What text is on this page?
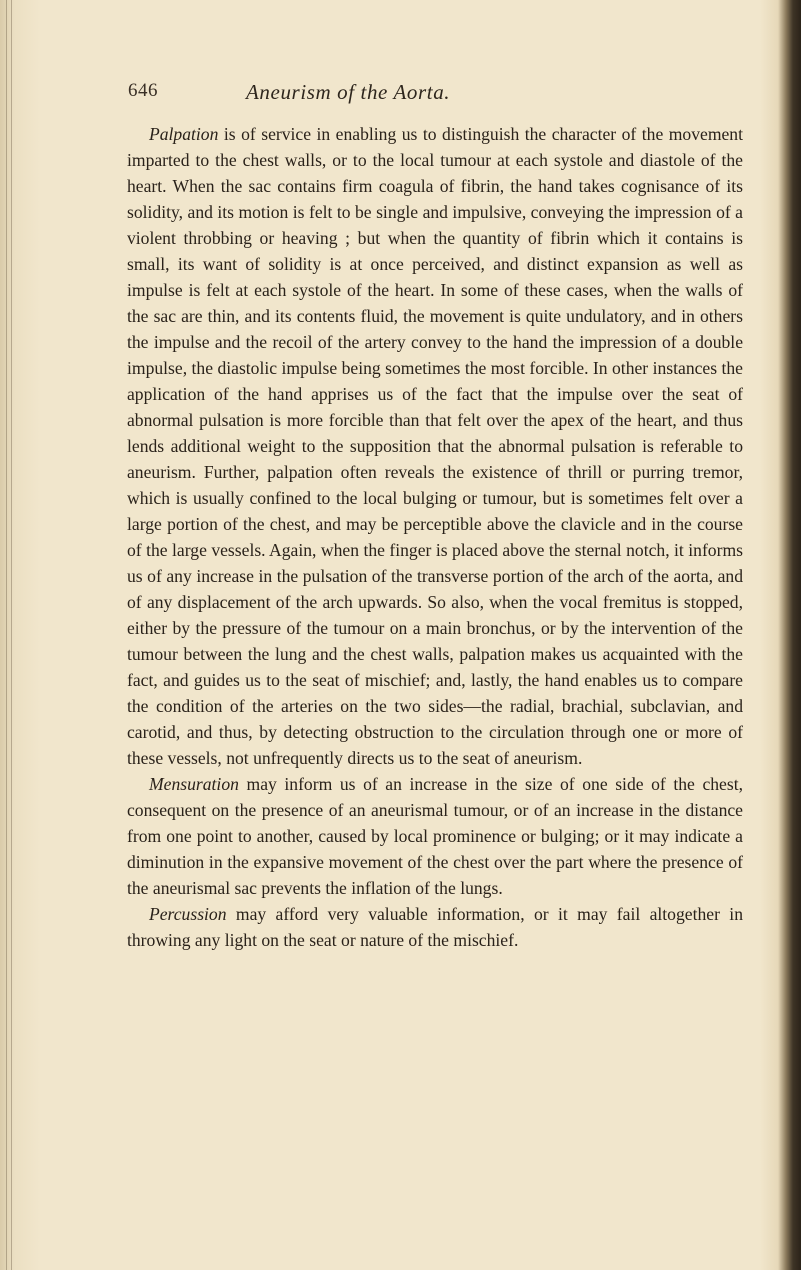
646	Aneurism of the Aorta.

Palpation is of service in enabling us to distinguish the character of the movement imparted to the chest walls, or to the local tumour at each systole and diastole of the heart. When the sac contains firm coagula of fibrin, the hand takes cognisance of its solidity, and its motion is felt to be single and impulsive, conveying the impression of a violent throbbing or heaving ; but when the quantity of fibrin which it contains is small, its want of solidity is at once perceived, and distinct expansion as well as impulse is felt at each systole of the heart. In some of these cases, when the walls of the sac are thin, and its contents fluid, the movement is quite undulatory, and in others the impulse and the recoil of the artery convey to the hand the impression of a double impulse, the diastolic impulse being sometimes the most forcible. In other instances the application of the hand apprises us of the fact that the impulse over the seat of abnormal pulsation is more forcible than that felt over the apex of the heart, and thus lends additional weight to the supposition that the abnormal pulsation is referable to aneurism. Further, palpation often reveals the existence of thrill or purring tremor, which is usually confined to the local bulging or tumour, but is sometimes felt over a large portion of the chest, and may be perceptible above the clavicle and in the course of the large vessels. Again, when the finger is placed above the sternal notch, it informs us of any increase in the pulsation of the transverse portion of the arch of the aorta, and of any displacement of the arch upwards. So also, when the vocal fremitus is stopped, either by the pressure of the tumour on a main bronchus, or by the intervention of the tumour between the lung and the chest walls, palpation makes us acquainted with the fact, and guides us to the seat of mischief; and, lastly, the hand enables us to compare the condition of the arteries on the two sides—the radial, brachial, subclavian, and carotid, and thus, by detecting obstruction to the circulation through one or more of these vessels, not unfrequently directs us to the seat of aneurism.

Mensuration may inform us of an increase in the size of one side of the chest, consequent on the presence of an aneurismal tumour, or of an increase in the distance from one point to another, caused by local prominence or bulging; or it may indicate a diminution in the expansive movement of the chest over the part where the presence of the aneurismal sac prevents the inflation of the lungs.

Percussion may afford very valuable information, or it may fail altogether in throwing any light on the seat or nature of the mischief.
